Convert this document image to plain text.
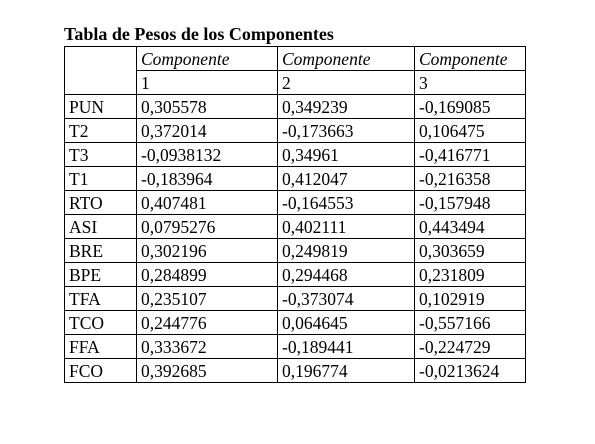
Tabla de Pesos de los Componentes
	Componente	Componente	Componente
	1	2	3
PUN	0,305578	0,349239	-0,169085
T2	0,372014	-0,173663	0,106475
T3	-0,0938132	0,34961	-0,416771
T1	-0,183964	0,412047	-0,216358
RTO	0,407481	-0,164553	-0,157948
ASI	0,0795276	0,402111	0,443494
BRE	0,302196	0,249819	0,303659
BPE	0,284899	0,294468	0,231809
TFA	0,235107	-0,373074	0,102919
TCO	0,244776	0,064645	-0,557166
FFA	0,333672	-0,189441	-0,224729
FCO	0,392685	0,196774	-0,0213624
